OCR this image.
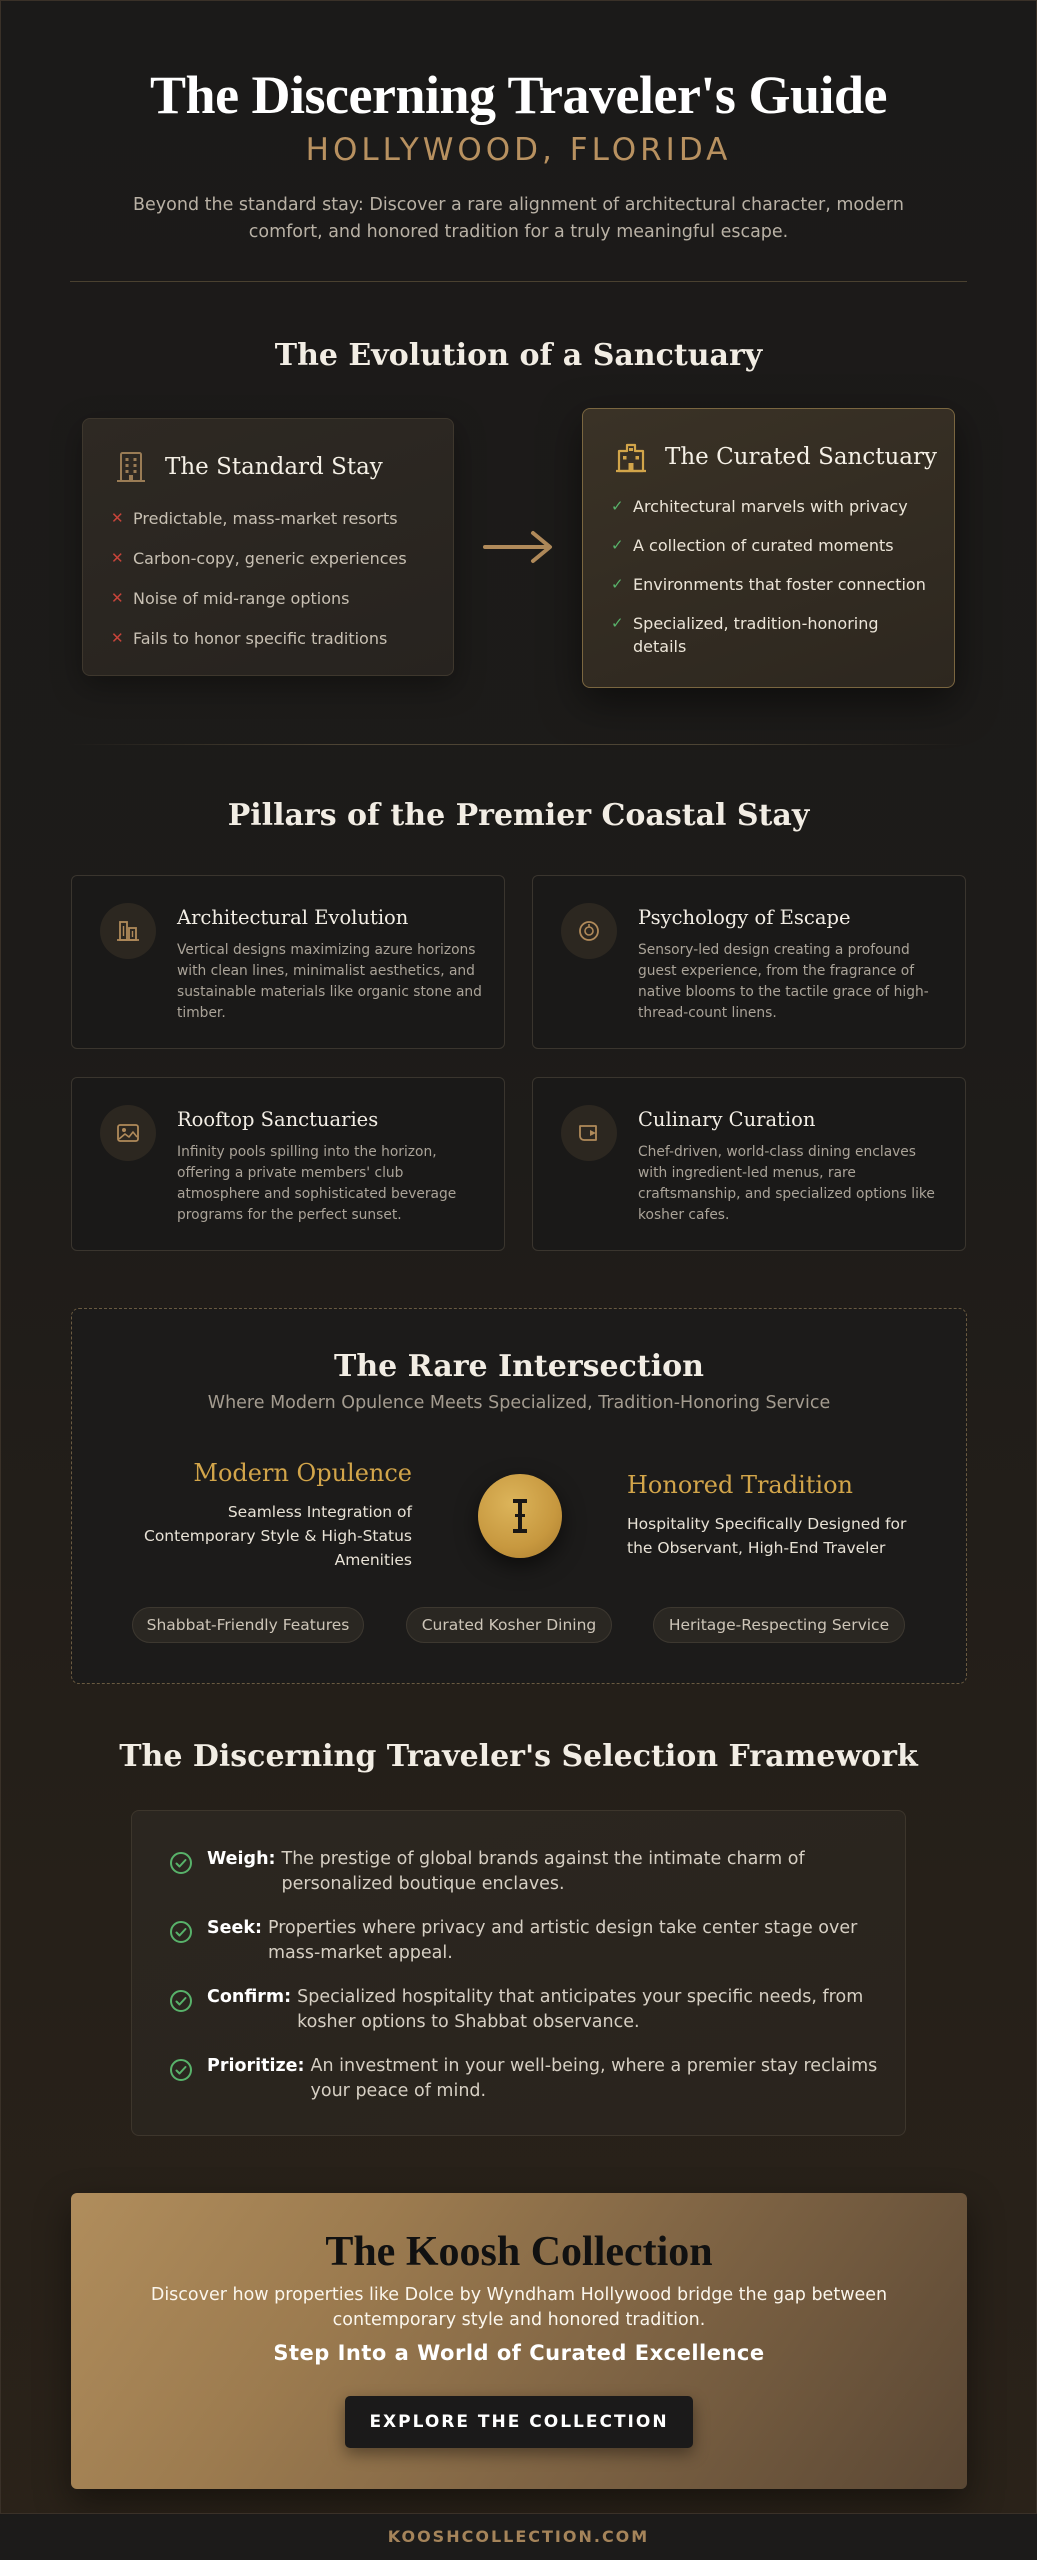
The Discerning Traveler's Guide
HOLLYWOOD, FLORIDA

Beyond the standard stay: Discover a rare alignment of architectural character, modern comfort, and honored tradition for a truly meaningful escape.

The Evolution of a Sanctuary
The Standard Stay
✕ Predictable, mass-market resorts
✕ Carbon-copy, generic experiences
✕ Noise of mid-range options
✕ Fails to honor specific traditions
The Curated Sanctuary
✓ Architectural marvels with privacy
✓ A collection of curated moments
✓ Environments that foster connection
✓ Specialized, tradition-honoring details
Pillars of the Premier Coastal Stay
Architectural Evolution
Vertical designs maximizing azure horizons with clean lines, minimalist aesthetics, and sustainable materials like organic stone and timber.
Psychology of Escape
Sensory-led design creating a profound guest experience, from the fragrance of native blooms to the tactile grace of high-thread-count linens.
Rooftop Sanctuaries
Infinity pools spilling into the horizon, offering a private members' club atmosphere and sophisticated beverage programs for the perfect sunset.
Culinary Curation
Chef-driven, world-class dining enclaves with ingredient-led menus, rare craftsmanship, and specialized options like kosher cafes.
The Rare Intersection
Where Modern Opulence Meets Specialized, Tradition-Honoring Service
Modern Opulence
Seamless Integration of Contemporary Style & High-Status Amenities
Honored Tradition
Hospitality Specifically Designed for the Observant, High-End Traveler
Shabbat-Friendly Features	Curated Kosher Dining	Heritage-Respecting Service
The Discerning Traveler's Selection Framework
Weigh: The prestige of global brands against the intimate charm of personalized boutique enclaves.
Seek: Properties where privacy and artistic design take center stage over mass-market appeal.
Confirm: Specialized hospitality that anticipates your specific needs, from kosher options to Shabbat observance.
Prioritize: An investment in your well-being, where a premier stay reclaims your peace of mind.
The Koosh Collection

Discover how properties like Dolce by Wyndham Hollywood bridge the gap between contemporary style and honored tradition.

Step Into a World of Curated Excellence
EXPLORE THE COLLECTION
KOOSHCOLLECTION.COM
